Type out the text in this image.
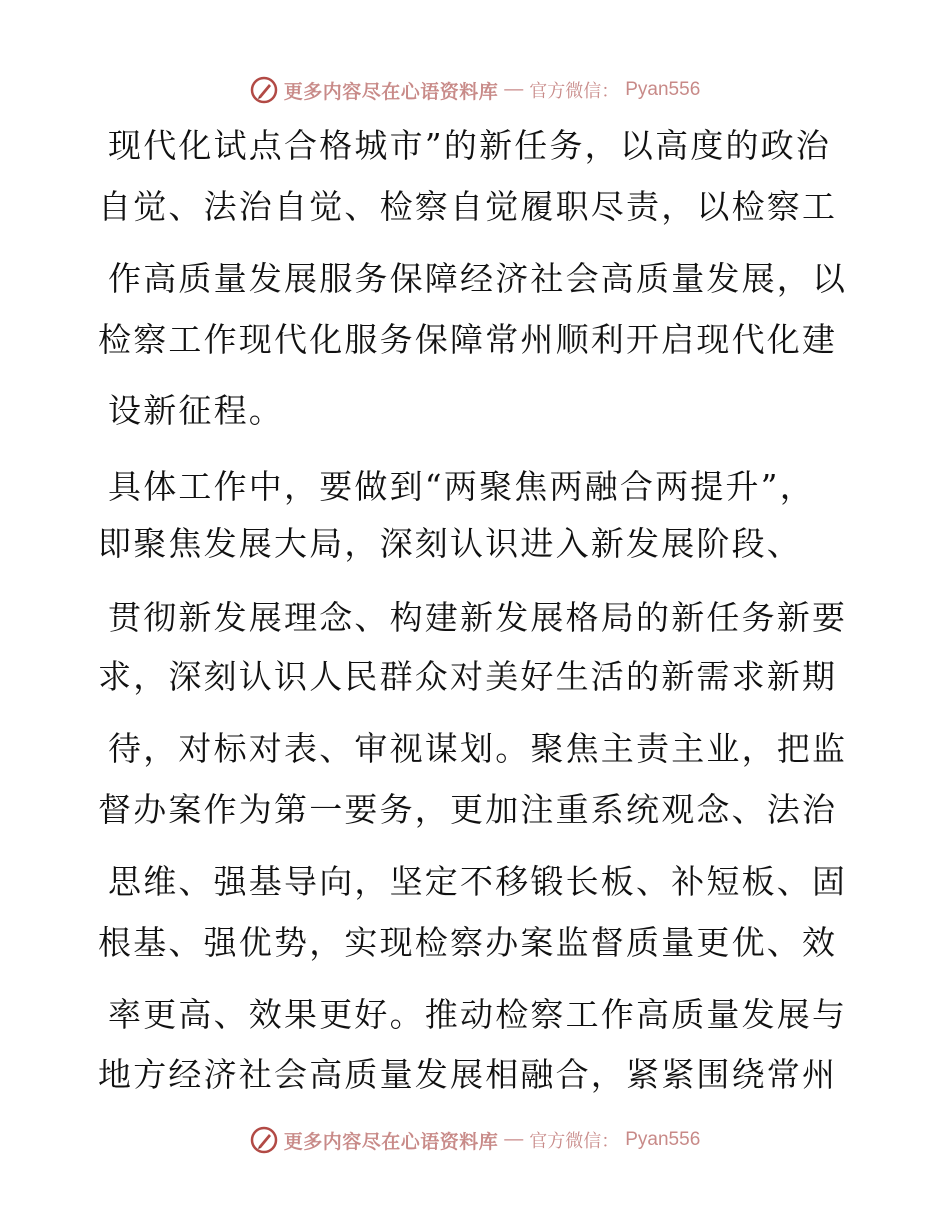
更多内容尽在心语资料库 — 官方微信： Pyan556
现代化试点合格城市”的新任务，以高度的政治
自觉、法治自觉、检察自觉履职尽责，以检察工
作高质量发展服务保障经济社会高质量发展，以
检察工作现代化服务保障常州顺利开启现代化建
设新征程。
具体工作中，要做到“两聚焦两融合两提升”，
即聚焦发展大局，深刻认识进入新发展阶段、
贯彻新发展理念、构建新发展格局的新任务新要
求，深刻认识人民群众对美好生活的新需求新期
待，对标对表、审视谋划。聚焦主责主业，把监
督办案作为第一要务，更加注重系统观念、法治
思维、强基导向，坚定不移锻长板、补短板、固
根基、强优势，实现检察办案监督质量更优、效
率更高、效果更好。推动检察工作高质量发展与
地方经济社会高质量发展相融合，紧紧围绕常州
更多内容尽在心语资料库 — 官方微信： Pyan556
